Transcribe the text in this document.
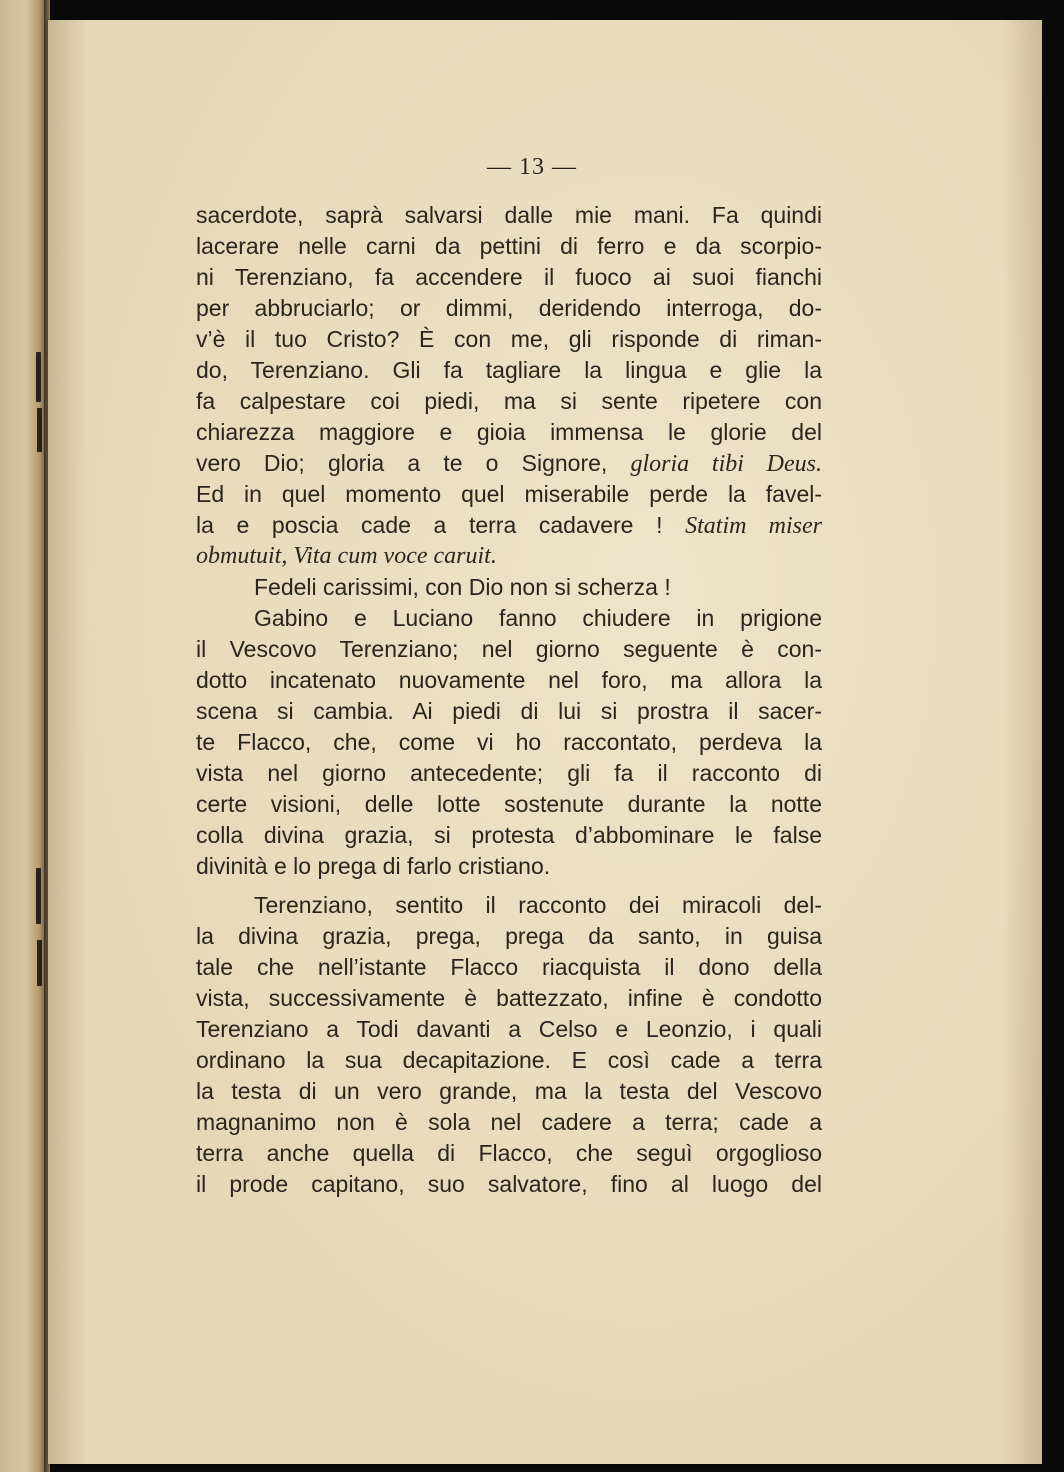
— 13 —
sacerdote, saprà salvarsi dalle mie mani. Fa quindi
lacerare nelle carni da pettini di ferro e da scorpio-
ni Terenziano, fa accendere il fuoco ai suoi fianchi
per abbruciarlo; or dimmi, deridendo interroga, do-
v’è il tuo Cristo? È con me, gli risponde di riman-
do, Terenziano. Gli fa tagliare la lingua e glie la
fa calpestare coi piedi, ma si sente ripetere con
chiarezza maggiore e gioia immensa le glorie del
vero Dio; gloria a te o Signore, gloria tibi Deus.
Ed in quel momento quel miserabile perde la favel-
la e poscia cade a terra cadavere ! Statim miser
obmutuit, Vita cum voce caruit.
Fedeli carissimi, con Dio non si scherza !
Gabino e Luciano fanno chiudere in prigione
il Vescovo Terenziano; nel giorno seguente è con-
dotto incatenato nuovamente nel foro, ma allora la
scena si cambia. Ai piedi di lui si prostra il sacer-
te Flacco, che, come vi ho raccontato, perdeva la
vista nel giorno antecedente; gli fa il racconto di
certe visioni, delle lotte sostenute durante la notte
colla divina grazia, si protesta d’abbominare le false
divinità e lo prega di farlo cristiano.
Terenziano, sentito il racconto dei miracoli del-
la divina grazia, prega, prega da santo, in guisa
tale che nell’istante Flacco riacquista il dono della
vista, successivamente è battezzato, infine è condotto
Terenziano a Todi davanti a Celso e Leonzio, i quali
ordinano la sua decapitazione. E così cade a terra
la testa di un vero grande, ma la testa del Vescovo
magnanimo non è sola nel cadere a terra; cade a
terra anche quella di Flacco, che seguì orgoglioso
il prode capitano, suo salvatore, fino al luogo del
